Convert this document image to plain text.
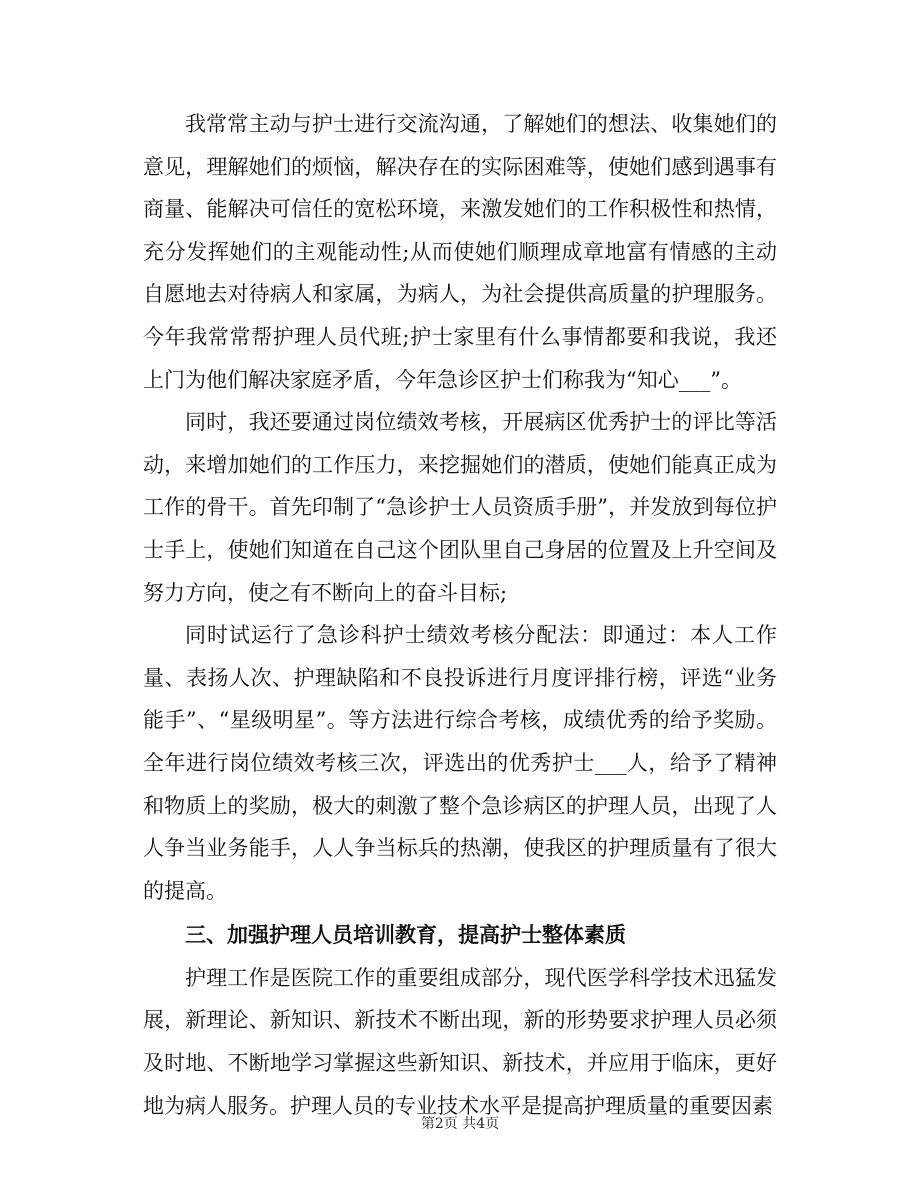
我常常主动与护士进行交流沟通，了解她们的想法、收集她们的意见，理解她们的烦恼，解决存在的实际困难等，使她们感到遇事有商量、能解决可信任的宽松环境，来激发她们的工作积极性和热情，充分发挥她们的主观能动性;从而使她们顺理成章地富有情感的主动自愿地去对待病人和家属，为病人，为社会提供高质量的护理服务。今年我常常帮护理人员代班;护士家里有什么事情都要和我说，我还上门为他们解决家庭矛盾，今年急诊区护士们称我为“知心___”。

同时，我还要通过岗位绩效考核，开展病区优秀护士的评比等活动，来增加她们的工作压力，来挖掘她们的潜质，使她们能真正成为工作的骨干。首先印制了“急诊护士人员资质手册”，并发放到每位护士手上，使她们知道在自己这个团队里自己身居的位置及上升空间及努力方向，使之有不断向上的奋斗目标;

同时试运行了急诊科护士绩效考核分配法：即通过：本人工作量、表扬人次、护理缺陷和不良投诉进行月度评排行榜，评选“业务能手”、“星级明星”。等方法进行综合考核，成绩优秀的给予奖励。全年进行岗位绩效考核三次，评选出的优秀护士___人，给予了精神和物质上的奖励，极大的刺激了整个急诊病区的护理人员，出现了人人争当业务能手，人人争当标兵的热潮，使我区的护理质量有了很大的提高。

三、加强护理人员培训教育，提高护士整体素质

护理工作是医院工作的重要组成部分，现代医学科学技术迅猛发展，新理论、新知识、新技术不断出现，新的形势要求护理人员必须及时地、不断地学习掌握这些新知识、新技术，并应用于临床，更好地为病人服务。护理人员的专业技术水平是提高护理质量的重要因素

第2页 共4页
